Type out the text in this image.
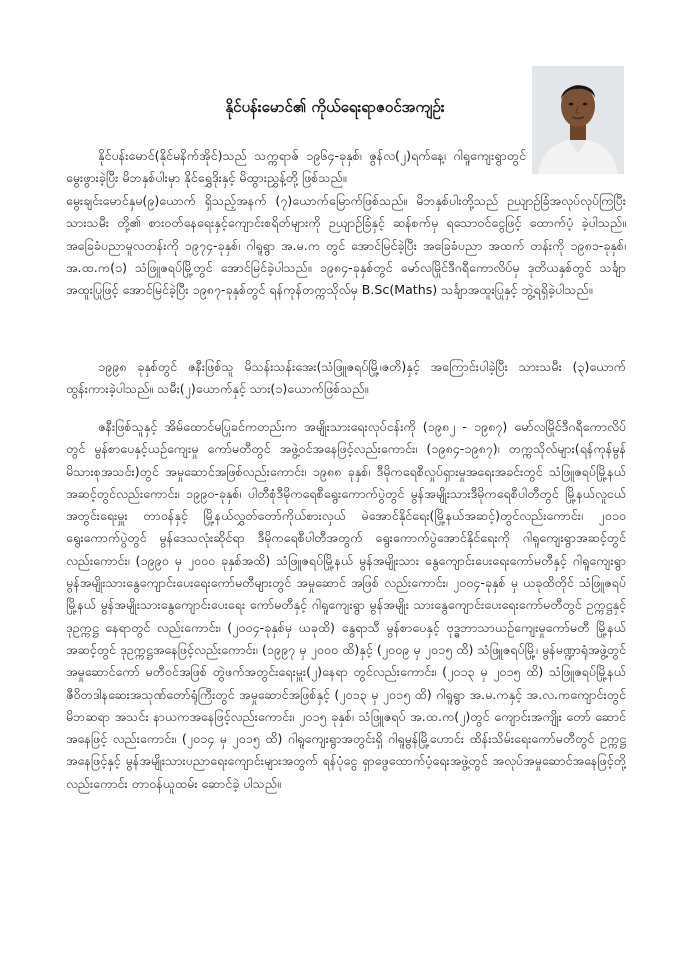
နိုင်ပန်းမောင်၏ ကိုယ်ရေးရာဇဝင်အကျဉ်း
နိုင်ပန်းမောင်(နိုင်မနိက်အိုင်)သည် သက္ကရာဇ် ၁၉၆၄-ခုနှစ်၊ ဇွန်လ(၂)ရက်နေ့၊ ဂါရူကျေးရွာတွင် မွေးဖွားခဲ့ပြီး မိဘနှစ်ပါးမှာ နိုင်ရွှေဒိုးနှင့် မိထွားညွှန့်တို့ ဖြစ်သည်။
မွေးချင်းမောင်နှမ(၉)ယောက် ရှိသည့်အနက် (၇)ယောက်မြောက်ဖြစ်သည်။ မိဘနှစ်ပါးတို့သည် ဉယျာဉ်ခြံအလုပ်လုပ်ကြပြီး သားသမီး တို့၏ စားဝတ်နေရေးနှင့်ကျောင်းစရိတ်များကို ဉယျာဉ်ခြံနှင့် ဆန်စက်မှ ရသောဝင်ငွေဖြင့် ထောက်ပံ့ ခဲ့ပါသည်။ အခြေခံပညာမူလတန်းကို ၁၉၇၄-ခုနှစ်၊ ဂါရူရွာ အ.မ.က တွင် အောင်မြင်ခဲ့ပြီး အခြေခံပညာ အထက် တန်းကို ၁၉၈၁-ခုနှစ်၊ အ.ထ.က(၁) သံဖြူဇရပ်မြို့တွင် အောင်မြင်ခဲ့ပါသည်။ ၁၉၈၄-ခုနှစ်တွင် မော်လမြိုင်ဒီဂရီကောလိပ်မှ ဒုတိယနှစ်တွင် သင်္ချာအထူးပြုဖြင့် အောင်မြင်ခဲ့ပြီး ၁၉၈၇-ခုနှစ်တွင် ရန်ကုန်တက္ကသိုလ်မှ B.Sc(Maths) သင်္ချာအထူးပြုနှင့် ဘွဲ့ရရှိခဲ့ပါသည်။
၁၉၉၈ ခုနှစ်တွင် ဇနီးဖြစ်သူ မိသန်းသန်းအေး(သံဖြူဇရပ်မြို့၊ဇတိ)နှင့် အကြောင်းပါခဲ့ပြီး သားသမီး (၃)ယောက်ထွန်းကားခဲ့ပါသည်။ သမီး(၂)ယောက်နှင့် သား(၁)ယောက်ဖြစ်သည်။
ဇနီးဖြစ်သူနှင့် အိမ်ထောင်မပြုခင်ကတည်းက အမျိုးသားရေးလုပ်ငန်းကို (၁၉၈၂ - ၁၉၈၇) မော်လမြိုင်ဒီဂရီကောလိပ်တွင် မွန်စာပေနှင့်ယဉ်ကျေးမှု ကော်မတီတွင် အဖွဲ့ဝင်အနေဖြင့်လည်းကောင်း၊ (၁၉၈၄-၁၉၈၇)၊ တက္ကသိုလ်များ(ရန်ကုန်မွန်မိသားစုအသင်း)တွင် အမှုဆောင်အဖြစ်လည်းကောင်း၊ ၁၉၈၈ ခုနှစ်၊ ဒီမိုကရေစီလှုပ်ရှားမှုအရေးအခင်းတွင် သံဖြူဇရပ်မြို့နယ်အဆင့်တွင်လည်းကောင်း၊ ၁၉၉၀-ခုနှစ်၊ ပါတီစုံဒီမိုကရေစီရွေးကောက်ပွဲတွင် မွန်အမျိုးသားဒီမိုကရေစီပါတီတွင် မြို့နယ်လူငယ်အတွင်းရေးမှူး တာဝန်နှင့် မြို့နယ်လွှတ်တော်ကိုယ်စားလှယ် မဲအောင်နိုင်ရေး(မြို့နယ်အဆင့်)တွင်လည်းကောင်း၊ ၂၀၁၀ ရွေးကောက်ပွဲတွင် မွန်ဒေသလုံးဆိုင်ရာ ဒီမိုကရေစီပါတီအတွက် ရွေးကောက်ပွဲအောင်နိုင်ရေးကို ဂါရူကျေးရွာအဆင့်တွင် လည်းကောင်း၊ (၁၉၉၀ မှ ၂၀၀၀ ခုနှစ်အထိ) သံဖြူဇရပ်မြို့နယ် မွန်အမျိုးသား နွေကျောင်းပေးရေးကော်မတီနှင့် ဂါရူကျေးရွာ မွန်အမျိုးသားနွေကျောင်းပေးရေးကော်မတီများတွင် အမှုဆောင် အဖြစ် လည်းကောင်း၊ ၂၀၀၄-ခုနှစ် မှ ယခုထိတိုင် သံဖြူဇရပ်မြို့နယ် မွန်အမျိုးသားနွေကျောင်းပေးရေး ကော်မတီနှင့် ဂါရူကျေးရွာ မွန်အမျိုး သားနွေကျောင်းပေးရေးကော်မတီတွင် ဥက္ကဋ္ဌနှင့် ဒုဥက္ကဋ္ဌ နေရာတွင် လည်းကောင်း၊ (၂၀၀၄-ခုနှစ်မှ ယခုထိ) နွေရာသီ မွန်စာပေနှင့် ဗုဒ္ဓဘာသာယဉ်ကျေးမှုကော်မတီ မြို့နယ်အဆင့်တွင် ဒုဥက္ကဋ္ဌအနေဖြင့်လည်းကောင်း၊ (၁၉၉၇ မှ ၂၀၀၀ ထိ)နှင့် (၂၀၀၉ မှ ၂၀၁၅ ထိ) သံဖြူဇရပ်မြို့၊ မွန်မဏ္ဍာရုံအဖွဲ့တွင် အမှုဆောင်ကော် မတီဝင်အဖြစ် တွဲဖက်အတွင်းရေးမှူး(၂)နေရာ တွင်လည်းကောင်း၊ (၂၀၁၃ မှ ၂၀၁၅ ထိ) သံဖြူဇရပ်မြို့နယ် ဇီဝိတဒါနဆေးအသုဏ်တော်ရုံကြီးတွင် အမှုဆောင်အဖြစ်နှင့် (၂၀၁၃ မှ ၂၀၁၅ ထိ) ဂါရူရွာ အ.မ.ကနှင့် အ.လ.ကကျောင်းတွင် မိဘဆရာ အသင်း နာယကအနေဖြင့်လည်းကောင်း၊ ၂၀၁၅ ခုနှစ်၊ သံဖြူဇရပ် အ.ထ.က(၂)တွင် ကျောင်းအကျိုး တော် ဆောင်အနေဖြင့် လည်းကောင်း၊ (၂၀၁၄ မှ ၂၀၁၅ ထိ) ဂါရူကျေးရွာအတွင်းရှိ ဂါရူမွန်မြို့ဟောင်း ထိန်းသိမ်းရေးကော်မတီတွင် ဥက္ကဋ္ဌအနေဖြင့်နှင့် မွန်အမျိုးသားပညာရေးကျောင်းများအတွက် ရန်ပုံငွေ ရှာဖွေထောက်ပံ့ရေးအဖွဲ့တွင် အလုပ်အမှုဆောင်အနေဖြင့်တို့ လည်းကောင်း တာဝန်ယူထမ်း ဆောင်ခဲ့ ပါသည်။
